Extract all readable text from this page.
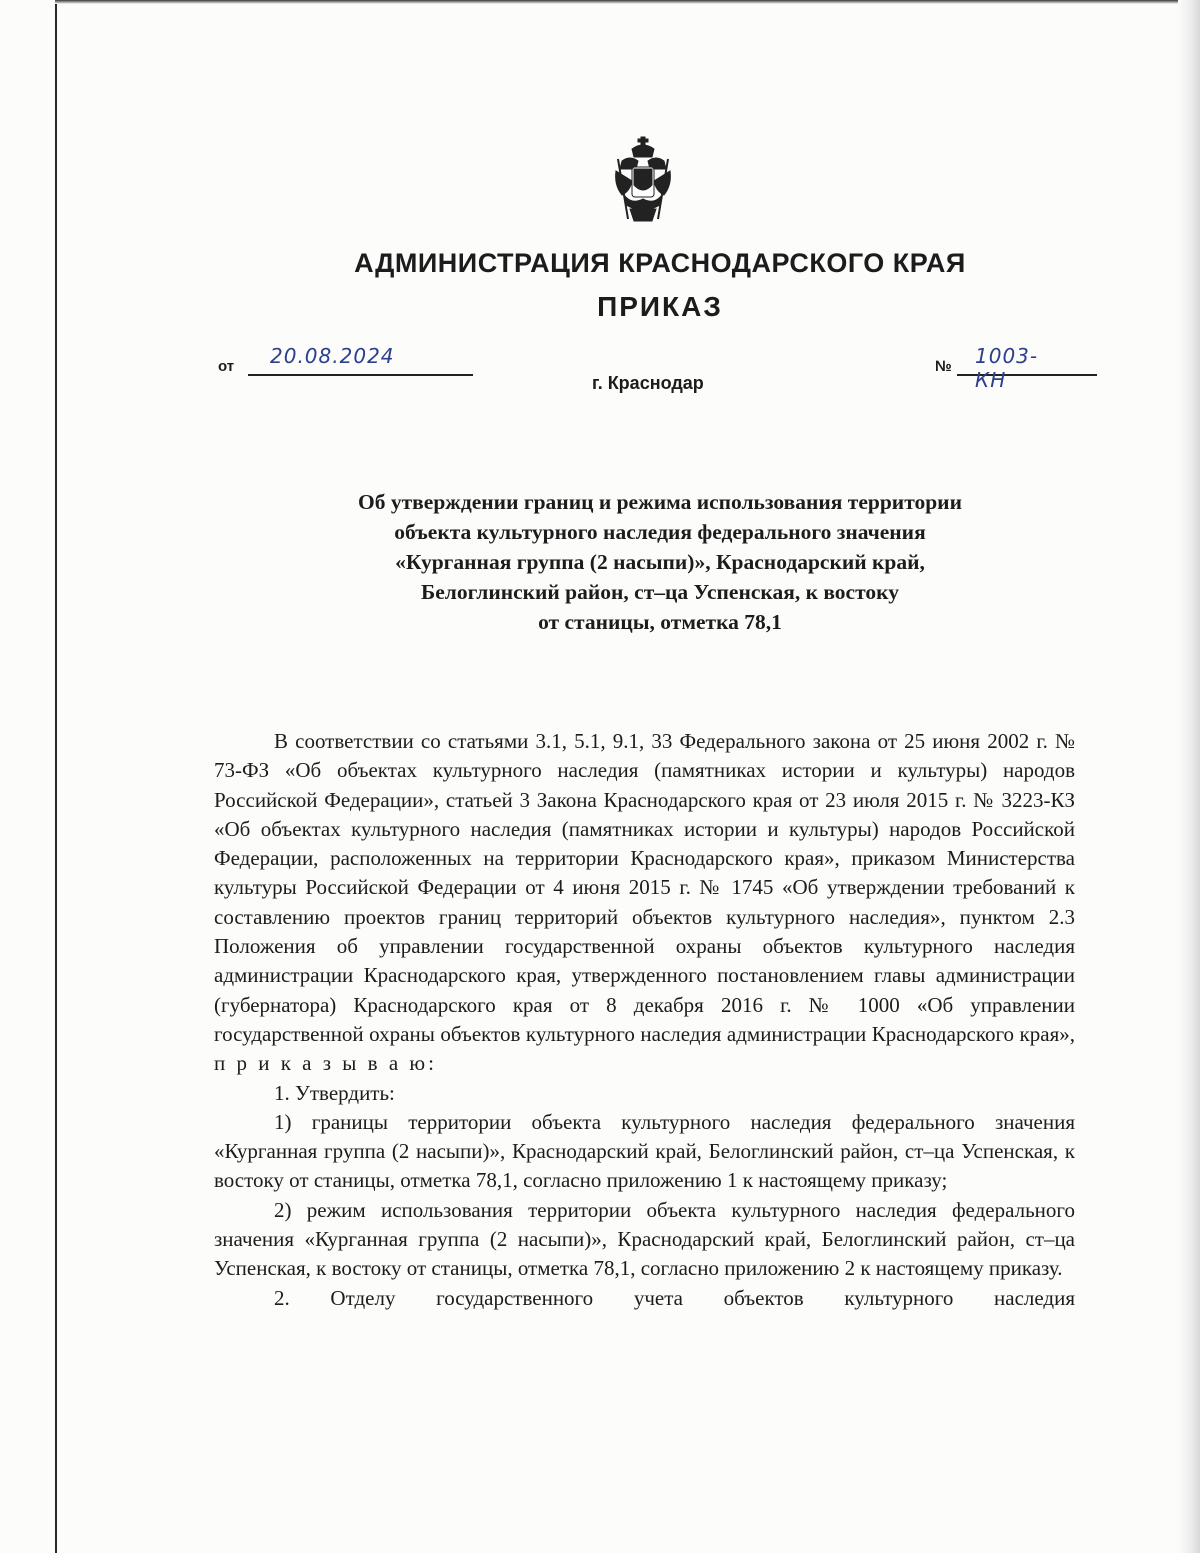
АДМИНИСТРАЦИЯ КРАСНОДАРСКОГО КРАЯ
ПРИКАЗ
от 20.08.2024	№ 1003-КН
г. Краснодар
Об утверждении границ и режима использования территории
объекта культурного наследия федерального значения
«Курганная группа (2 насыпи)», Краснодарский край,
Белоглинский район, ст–ца Успенская, к востоку
от станицы, отметка 78,1

В соответствии со статьями 3.1, 5.1, 9.1, 33 Федерального закона от 25 июня 2002 г. № 73-ФЗ «Об объектах культурного наследия (памятниках истории и культуры) народов Российской Федерации», статьей 3 Закона Краснодарского края от 23 июля 2015 г. № 3223-КЗ «Об объектах культурного наследия (памятниках истории и культуры) народов Российской Федерации, расположенных на территории Краснодарского края», приказом Министерства культуры Российской Федерации от 4 июня 2015 г. № 1745 «Об утверждении требований к составлению проектов границ территорий объектов культурного наследия», пунктом 2.3 Положения об управлении государственной охраны объектов культурного наследия администрации Краснодарского края, утвержденного постановлением главы администрации (губернатора) Краснодарского края от 8 декабря 2016 г. № 1000 «Об управлении государственной охраны объектов культурного наследия администрации Краснодарского края», п р и к а з ы в а ю:

1. Утвердить:

1) границы территории объекта культурного наследия федерального значения «Курганная группа (2 насыпи)», Краснодарский край, Белоглинский район, ст–ца Успенская, к востоку от станицы, отметка 78,1, согласно приложению 1 к настоящему приказу;

2) режим использования территории объекта культурного наследия федерального значения «Курганная группа (2 насыпи)», Краснодарский край, Белоглинский район, ст–ца Успенская, к востоку от станицы, отметка 78,1, согласно приложению 2 к настоящему приказу.

2. Отделу государственного учета объектов культурного наследия
